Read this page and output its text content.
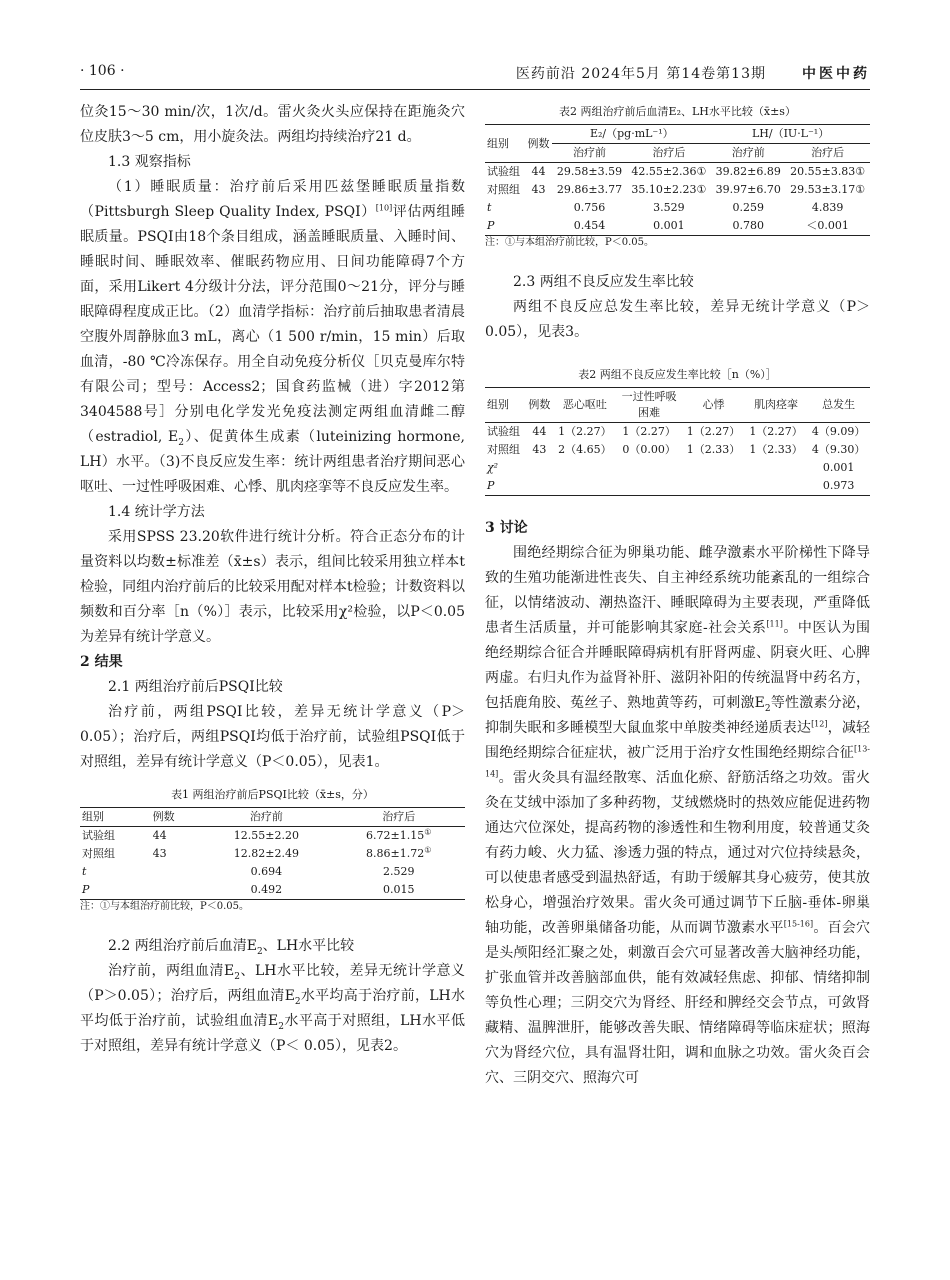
· 106 ·	医药前沿 2024年5月 第14卷第13期	中医中药

位灸15～30 min/次，1次/d。雷火灸火头应保持在距施灸穴位皮肤3～5 cm，用小旋灸法。两组均持续治疗21 d。

1.3 观察指标

（1）睡眠质量：治疗前后采用匹兹堡睡眠质量指数（Pittsburgh Sleep Quality Index, PSQI）[10]评估两组睡眠质量。PSQI由18个条目组成，涵盖睡眠质量、入睡时间、睡眠时间、睡眠效率、催眠药物应用、日间功能障碍7个方面，采用Likert 4分级计分法，评分范围0～21分，评分与睡眠障碍程度成正比。（2）血清学指标：治疗前后抽取患者清晨空腹外周静脉血3 mL，离心（1 500 r/min，15 min）后取血清，-80 ℃冷冻保存。用全自动免疫分析仪［贝克曼库尔特有限公司；型号：Access2；国食药监械（进）字2012第3404588号］分别电化学发光免疫法测定两组血清雌二醇（estradiol, $E_2$）、促黄体生成素（luteinizing hormone, LH）水平。（3)不良反应发生率：统计两组患者治疗期间恶心呕吐、一过性呼吸困难、心悸、肌肉痉挛等不良反应发生率。

1.4 统计学方法

采用SPSS 23.20软件进行统计分析。符合正态分布的计量资料以均数±标准差（x̄±s）表示，组间比较采用独立样本t检验，同组内治疗前后的比较采用配对样本t检验；计数资料以频数和百分率［n（%）］表示，比较采用χ²检验，以P＜0.05为差异有统计学意义。

2 结果

2.1 两组治疗前后PSQI比较

治疗前，两组PSQI比较，差异无统计学意义（P＞0.05）；治疗后，两组PSQI均低于治疗前，试验组PSQI低于对照组，差异有统计学意义（P＜0.05），见表1。

表1 两组治疗前后PSQI比较（x̄±s，分）
组别	例数	治疗前	治疗后
试验组	44	12.55±2.20	6.72±1.15①
对照组	43	12.82±2.49	8.86±1.72①
t		0.694	2.529
P		0.492	0.015

注：①与本组治疗前比较，P＜0.05。

2.2 两组治疗前后血清$E_2$、LH水平比较

治疗前，两组血清$E_2$、LH水平比较，差异无统计学意义（P＞0.05）；治疗后，两组血清$E_2$水平均高于治疗前，LH水平均低于治疗前，试验组血清$E_2$水平高于对照组，LH水平低于对照组，差异有统计学意义（P＜ 0.05），见表2。

表2 两组治疗前后血清E₂、LH水平比较（x̄±s）
组别	例数	E₂/（pg·mL⁻¹）		LH/（IU·L⁻¹）	
		治疗前	治疗后	治疗前	治疗后
试验组	44	29.58±3.59	42.55±2.36①	39.82±6.89	20.55±3.83①
对照组	43	29.86±3.77	35.10±2.23①	39.97±6.70	29.53±3.17①
t		0.756	3.529	0.259	4.839
P		0.454	0.001	0.780	＜0.001

注：①与本组治疗前比较，P＜0.05。

2.3 两组不良反应发生率比较

两组不良反应总发生率比较，差异无统计学意义（P＞0.05），见表3。

表2 两组不良反应发生率比较［n（%）］
组别	例数	恶心呕吐	一过性呼吸困难	心悸	肌肉痉挛	总发生
试验组	44	1（2.27）	1（2.27）	1（2.27）	1（2.27）	4（9.09）
对照组	43	2（4.65）	0（0.00）	1（2.33）	1（2.33）	4（9.30）
χ²						0.001
P						0.973

3 讨论

围绝经期综合征为卵巢功能、雌孕激素水平阶梯性下降导致的生殖功能渐进性丧失、自主神经系统功能紊乱的一组综合征，以情绪波动、潮热盗汗、睡眠障碍为主要表现，严重降低患者生活质量，并可能影响其家庭-社会关系[11]。中医认为围绝经期综合征合并睡眠障碍病机有肝肾两虚、阴衰火旺、心脾两虚。右归丸作为益肾补肝、滋阴补阳的传统温肾中药名方，包括鹿角胶、菟丝子、熟地黄等药，可刺激$E_2$等性激素分泌，抑制失眠和多睡模型大鼠血浆中单胺类神经递质表达[12]，减轻围绝经期综合征症状，被广泛用于治疗女性围绝经期综合征[13-14]。雷火灸具有温经散寒、活血化瘀、舒筋活络之功效。雷火灸在艾绒中添加了多种药物，艾绒燃烧时的热效应能促进药物通达穴位深处，提高药物的渗透性和生物利用度，较普通艾灸有药力峻、火力猛、渗透力强的特点，通过对穴位持续悬灸，可以使患者感受到温热舒适，有助于缓解其身心疲劳，使其放松身心，增强治疗效果。雷火灸可通过调节下丘脑-垂体-卵巢轴功能，改善卵巢储备功能，从而调节激素水平[15-16]。百会穴是头颅阳经汇聚之处，刺激百会穴可显著改善大脑神经功能，扩张血管并改善脑部血供，能有效减轻焦虑、抑郁、情绪抑制等负性心理；三阴交穴为肾经、肝经和脾经交会节点，可敛肾藏精、温脾泄肝，能够改善失眠、情绪障碍等临床症状；照海穴为肾经穴位，具有温肾壮阳，调和血脉之功效。雷火灸百会穴、三阴交穴、照海穴可
